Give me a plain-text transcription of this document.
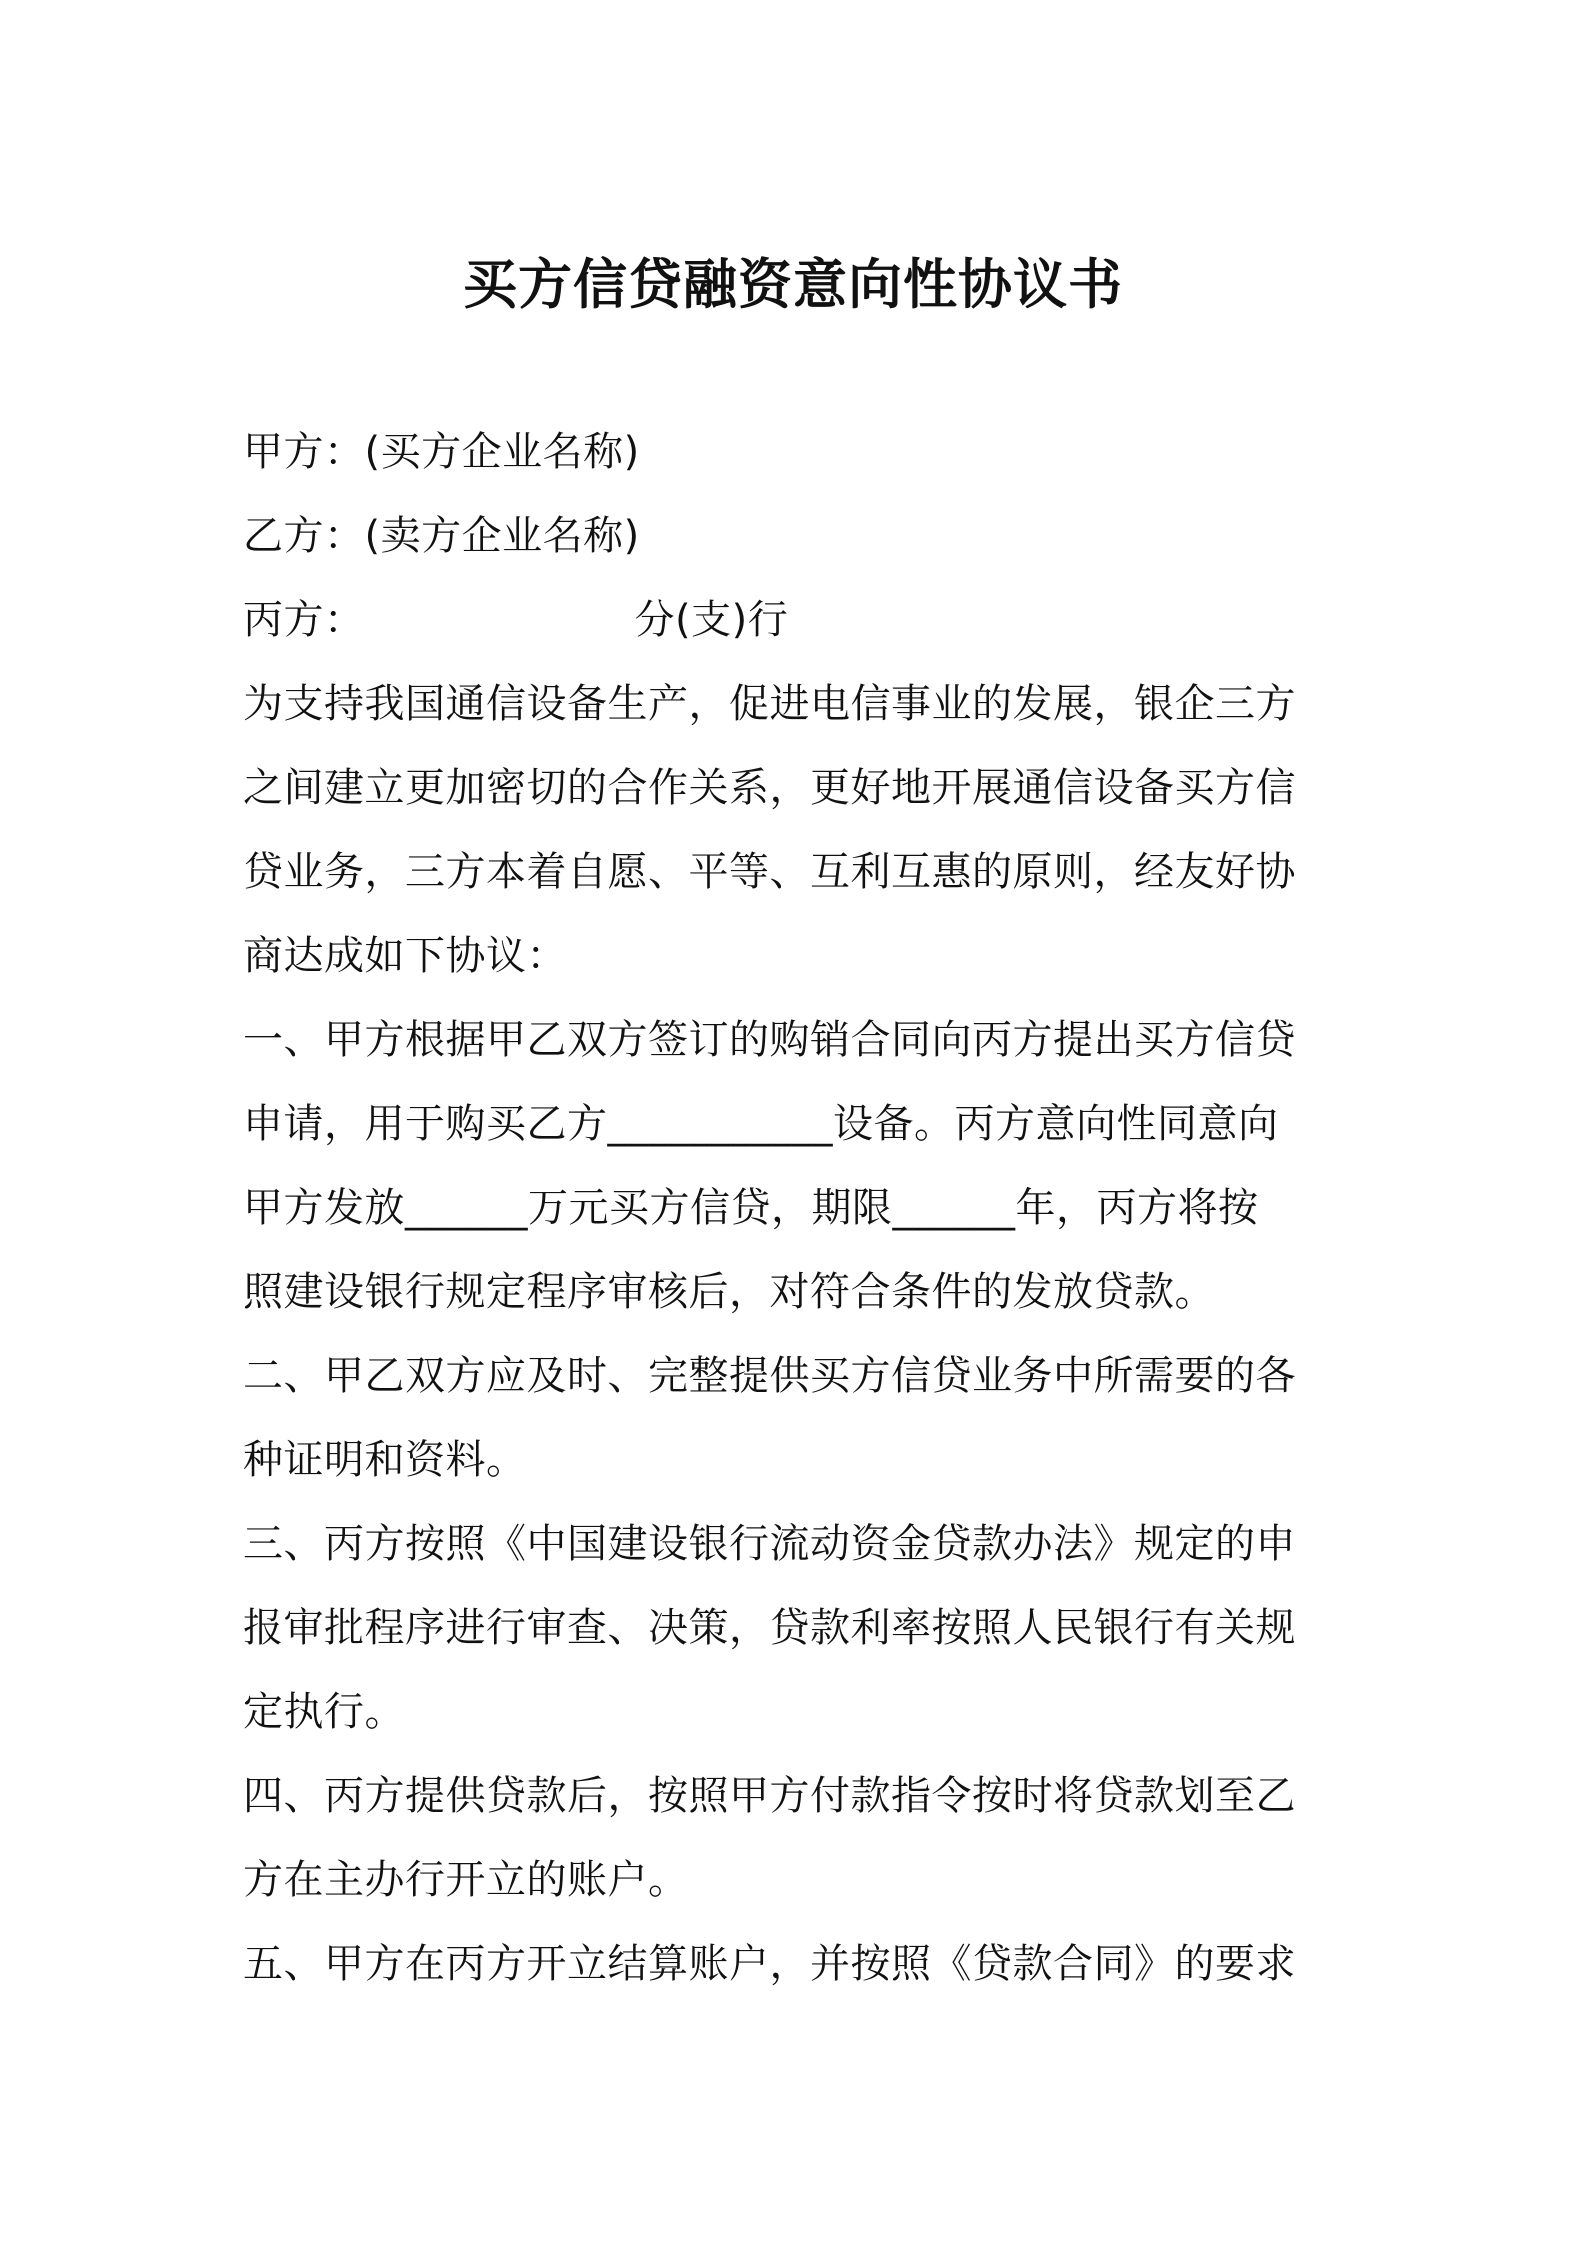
买方信贷融资意向性协议书
甲方：(买方企业名称)
乙方：(卖方企业名称)
丙方：	分(支)行
为支持我国通信设备生产，促进电信事业的发展，银企三方
之间建立更加密切的合作关系，更好地开展通信设备买方信
贷业务，三方本着自愿、平等、互利互惠的原则，经友好协
商达成如下协议：
一、甲方根据甲乙双方签订的购销合同向丙方提出买方信贷
申请，用于购买乙方___________设备。丙方意向性同意向
甲方发放______万元买方信贷，期限______年，丙方将按
照建设银行规定程序审核后，对符合条件的发放贷款。
二、甲乙双方应及时、完整提供买方信贷业务中所需要的各
种证明和资料。
三、丙方按照《中国建设银行流动资金贷款办法》规定的申
报审批程序进行审查、决策，贷款利率按照人民银行有关规
定执行。
四、丙方提供贷款后，按照甲方付款指令按时将贷款划至乙
方在主办行开立的账户。
五、甲方在丙方开立结算账户，并按照《贷款合同》的要求
